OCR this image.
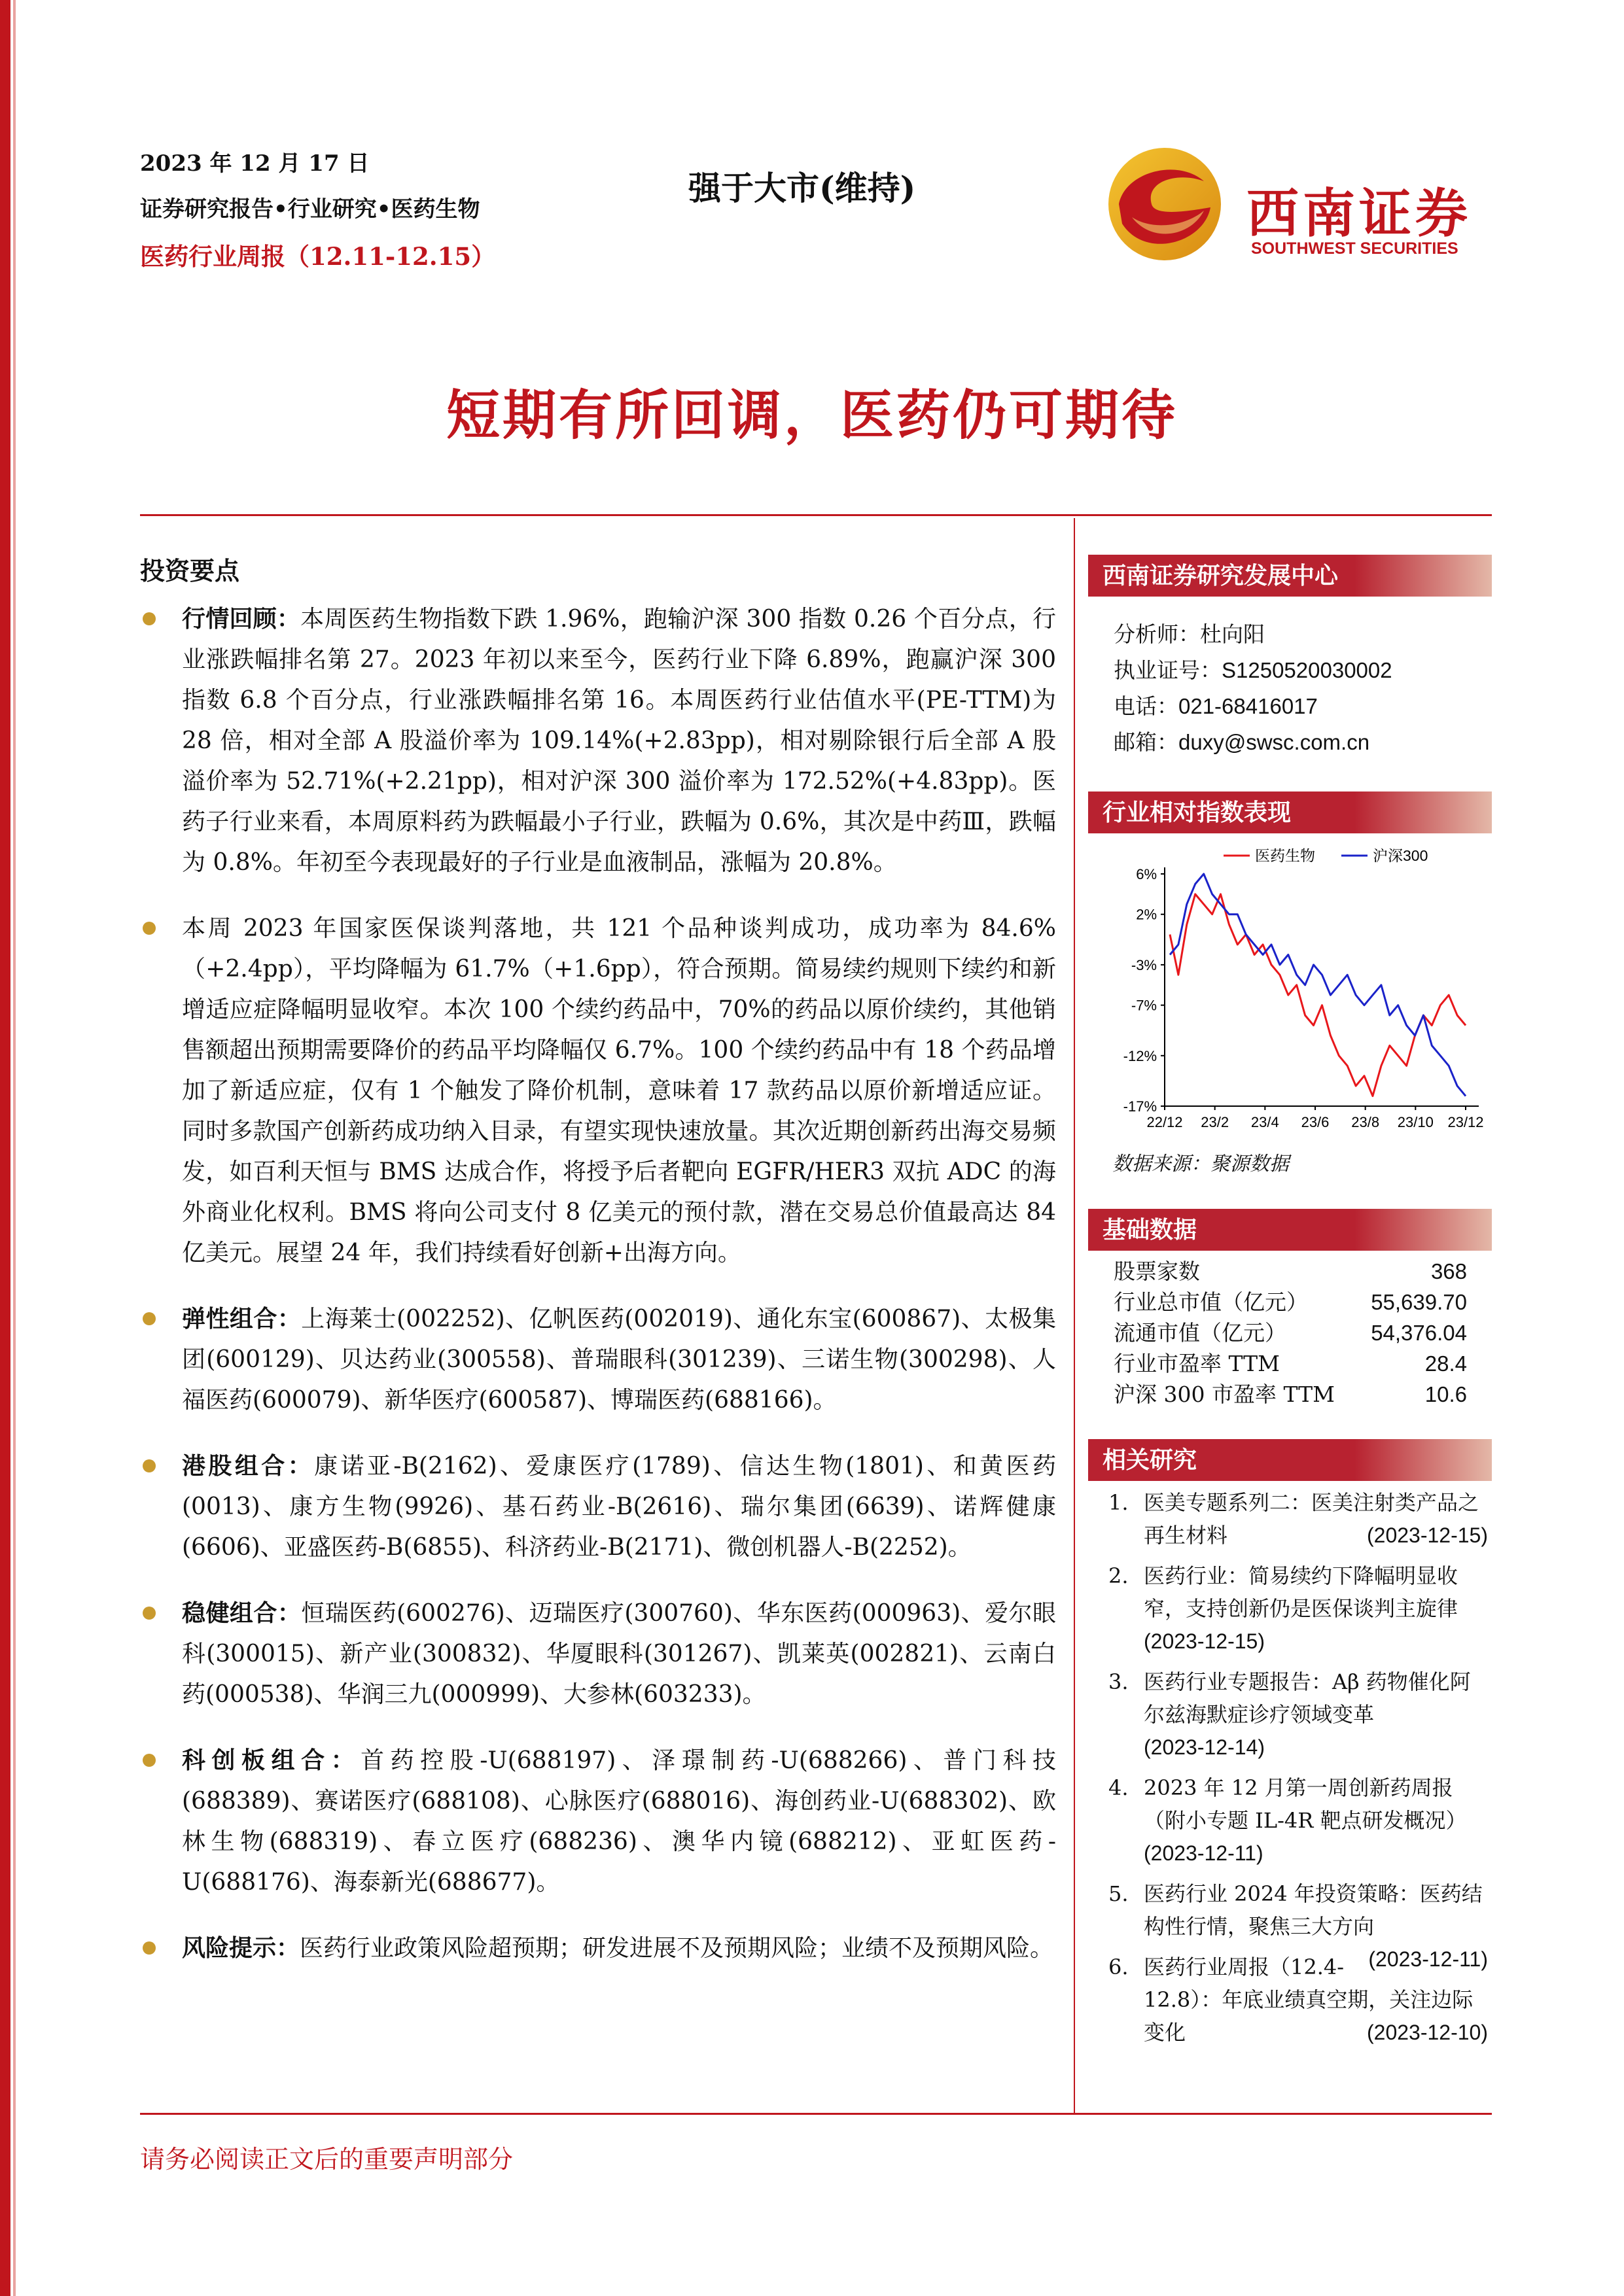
2023 年 12 月 17 日
证券研究报告•行业研究•医药生物
医药行业周报（12.11-12.15）
强于大市(维持)	西南证券
SOUTHWEST SECURITIES
短期有所回调，医药仍可期待
投资要点
行情回顾：本周医药生物指数下跌 1.96%，跑输沪深 300 指数 0.26 个百分点，行业涨跌幅排名第 27。2023 年初以来至今，医药行业下降 6.89%，跑赢沪深 300 指数 6.8 个百分点，行业涨跌幅排名第 16。本周医药行业估值水平(PE-TTM)为 28 倍，相对全部 A 股溢价率为 109.14%(+2.83pp)，相对剔除银行后全部 A 股溢价率为 52.71%(+2.21pp)，相对沪深 300 溢价率为 172.52%(+4.83pp)。医药子行业来看，本周原料药为跌幅最小子行业，跌幅为 0.6%，其次是中药Ⅲ，跌幅为 0.8%。年初至今表现最好的子行业是血液制品，涨幅为 20.8%。
本周 2023 年国家医保谈判落地，共 121 个品种谈判成功，成功率为 84.6%（+2.4pp），平均降幅为 61.7%（+1.6pp），符合预期。简易续约规则下续约和新增适应症降幅明显收窄。本次 100 个续约药品中，70%的药品以原价续约，其他销售额超出预期需要降价的药品平均降幅仅 6.7%。100 个续约药品中有 18 个药品增加了新适应症，仅有 1 个触发了降价机制，意味着 17 款药品以原价新增适应证。同时多款国产创新药成功纳入目录，有望实现快速放量。其次近期创新药出海交易频发，如百利天恒与 BMS 达成合作，将授予后者靶向 EGFR/HER3 双抗 ADC 的海外商业化权利。BMS 将向公司支付 8 亿美元的预付款，潜在交易总价值最高达 84 亿美元。展望 24 年，我们持续看好创新+出海方向。
弹性组合：上海莱士(002252)、亿帆医药(002019)、通化东宝(600867)、太极集团(600129)、贝达药业(300558)、普瑞眼科(301239)、三诺生物(300298)、人福医药(600079)、新华医疗(600587)、博瑞医药(688166)。
港股组合：康诺亚-B(2162)、爱康医疗(1789)、信达生物(1801)、和黄医药(0013)、康方生物(9926)、基石药业-B(2616)、瑞尔集团(6639)、诺辉健康(6606)、亚盛医药-B(6855)、科济药业-B(2171)、微创机器人-B(2252)。
稳健组合：恒瑞医药(600276)、迈瑞医疗(300760)、华东医药(000963)、爱尔眼科(300015)、新产业(300832)、华厦眼科(301267)、凯莱英(002821)、云南白药(000538)、华润三九(000999)、大参林(603233)。
科创板组合：首药控股-U(688197)、泽璟制药-U(688266)、普门科技(688389)、赛诺医疗(688108)、心脉医疗(688016)、海创药业-U(688302)、欧林生物(688319)、春立医疗(688236)、澳华内镜(688212)、亚虹医药-U(688176)、海泰新光(688677)。
风险提示：医药行业政策风险超预期；研发进展不及预期风险；业绩不及预期风险。
西南证券研究发展中心
分析师：杜向阳
执业证号：S1250520030002
电话：021-68416017
邮箱：duxy@swsc.com.cn
行业相对指数表现
6%
2%
-3%
-7%
-12%
-17%
22/12 23/2 23/4 23/6 23/8 23/10 23/12
医药生物	沪深300
数据来源：聚源数据
基础数据
股票家数	368
行业总市值（亿元）	55,639.70
流通市值（亿元）	54,376.04
行业市盈率 TTM	28.4
沪深 300 市盈率 TTM	10.6
相关研究
1. 医美专题系列二：医美注射类产品之再生材料	(2023-12-15)
2. 医药行业：简易续约下降幅明显收窄，支持创新仍是医保谈判主旋律
(2023-12-15)
3. 医药行业专题报告：Aβ 药物催化阿尔兹海默症诊疗领域变革
(2023-12-14)
4. 2023 年 12 月第一周创新药周报（附小专题 IL-4R 靶点研发概况）
(2023-12-11)
5. 医药行业 2024 年投资策略：医药结构性行情，聚焦三大方向
(2023-12-11)
6. 医药行业周报（12.4-12.8）：年底业绩真空期，关注边际变化	(2023-12-10)
请务必阅读正文后的重要声明部分
